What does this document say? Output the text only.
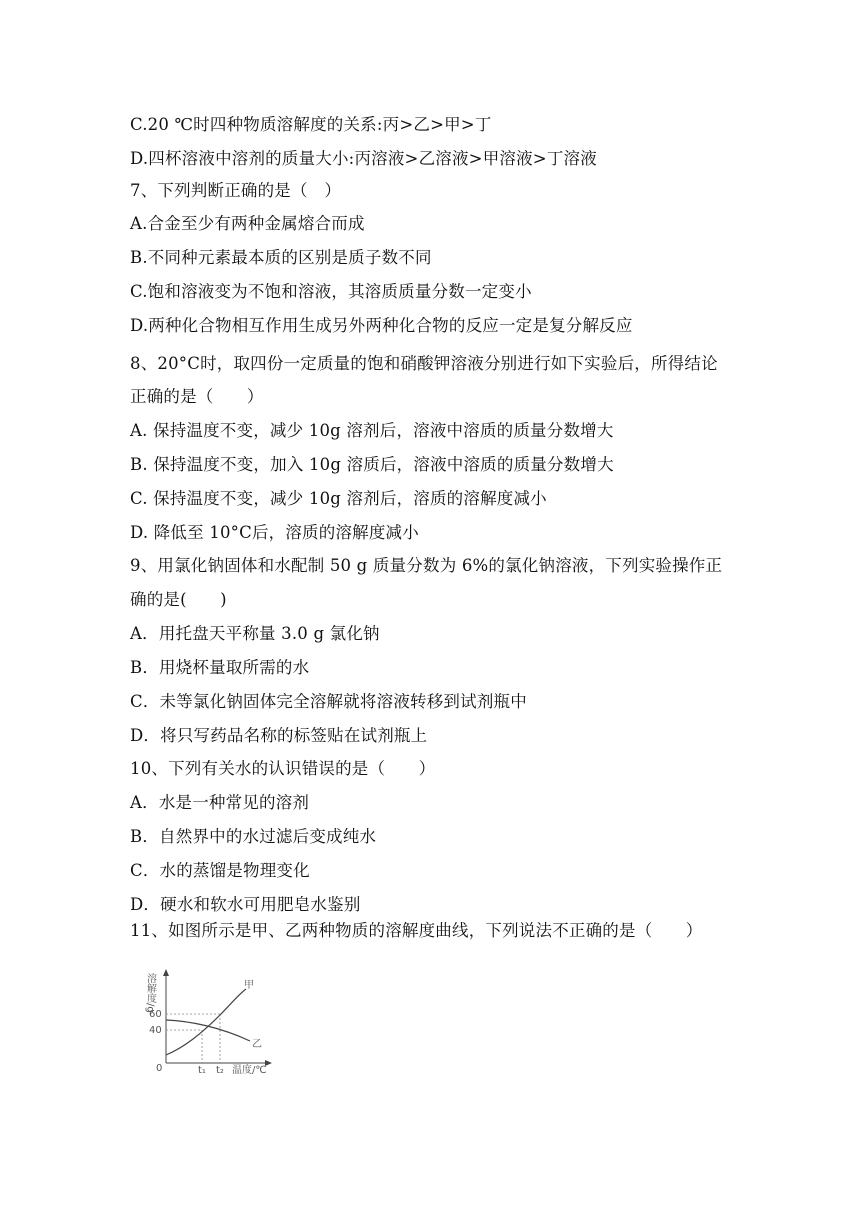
C.20 ℃时四种物质溶解度的关系:丙>乙>甲>丁
D.四杯溶液中溶剂的质量大小:丙溶液>乙溶液>甲溶液>丁溶液
7、下列判断正确的是（　）
A.合金至少有两种金属熔合而成
B.不同种元素最本质的区别是质子数不同
C.饱和溶液变为不饱和溶液，其溶质质量分数一定变小
D.两种化合物相互作用生成另外两种化合物的反应一定是复分解反应
8、20°C时，取四份一定质量的饱和硝酸钾溶液分别进行如下实验后，所得结论
正确的是（　　）
A. 保持温度不变，减少 10g 溶剂后，溶液中溶质的质量分数增大
B. 保持温度不变，加入 10g 溶质后，溶液中溶质的质量分数增大
C. 保持温度不变，减少 10g 溶剂后，溶质的溶解度减小
D. 降低至 10°C后，溶质的溶解度减小
9、用氯化钠固体和水配制 50 g 质量分数为 6%的氯化钠溶液，下列实验操作正
确的是(　　)
A．用托盘天平称量 3.0 g 氯化钠
B．用烧杯量取所需的水
C．未等氯化钠固体完全溶解就将溶液转移到试剂瓶中
D．将只写药品名称的标签贴在试剂瓶上
10、下列有关水的认识错误的是（　　）
A．水是一种常见的溶剂
B．自然界中的水过滤后变成纯水
C．水的蒸馏是物理变化
D．硬水和软水可用肥皂水鉴别
11、如图所示是甲、乙两种物质的溶解度曲线，下列说法不正确的是（　　）
溶解度/g
60
40
0
甲
乙
t₁ t₂ 温度/℃
